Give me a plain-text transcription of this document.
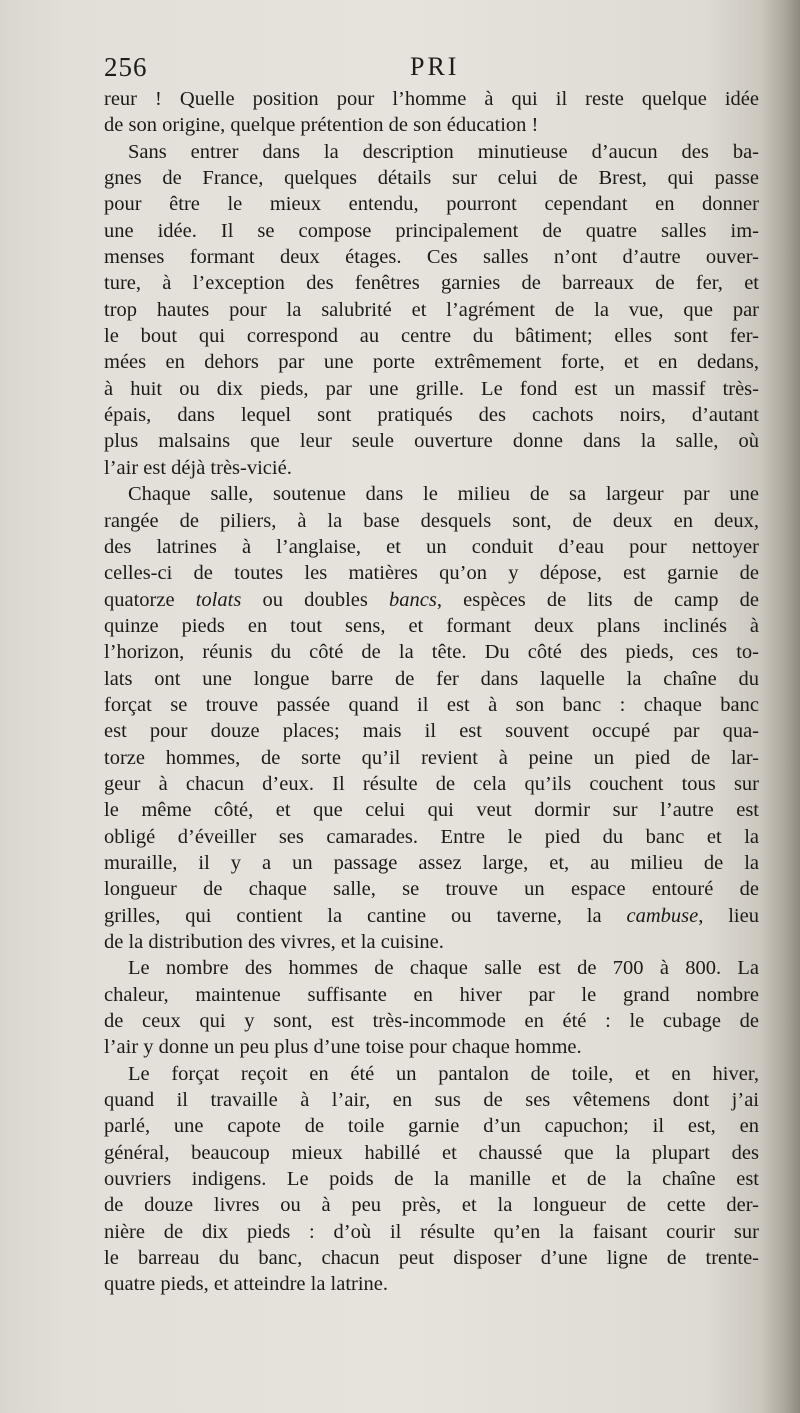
256	PRI
reur ! Quelle position pour l’homme à qui il reste quelque idée
de son origine, quelque prétention de son éducation !
Sans entrer dans la description minutieuse d’aucun des ba-
gnes de France, quelques détails sur celui de Brest, qui passe
pour être le mieux entendu, pourront cependant en donner
une idée. Il se compose principalement de quatre salles im-
menses formant deux étages. Ces salles n’ont d’autre ouver-
ture, à l’exception des fenêtres garnies de barreaux de fer, et
trop hautes pour la salubrité et l’agrément de la vue, que par
le bout qui correspond au centre du bâtiment; elles sont fer-
mées en dehors par une porte extrêmement forte, et en dedans,
à huit ou dix pieds, par une grille. Le fond est un massif très-
épais, dans lequel sont pratiqués des cachots noirs, d’autant
plus malsains que leur seule ouverture donne dans la salle, où
l’air est déjà très-vicié.
Chaque salle, soutenue dans le milieu de sa largeur par une
rangée de piliers, à la base desquels sont, de deux en deux,
des latrines à l’anglaise, et un conduit d’eau pour nettoyer
celles-ci de toutes les matières qu’on y dépose, est garnie de
quatorze tolats ou doubles bancs, espèces de lits de camp de
quinze pieds en tout sens, et formant deux plans inclinés à
l’horizon, réunis du côté de la tête. Du côté des pieds, ces to-
lats ont une longue barre de fer dans laquelle la chaîne du
forçat se trouve passée quand il est à son banc : chaque banc
est pour douze places; mais il est souvent occupé par qua-
torze hommes, de sorte qu’il revient à peine un pied de lar-
geur à chacun d’eux. Il résulte de cela qu’ils couchent tous sur
le même côté, et que celui qui veut dormir sur l’autre est
obligé d’éveiller ses camarades. Entre le pied du banc et la
muraille, il y a un passage assez large, et, au milieu de la
longueur de chaque salle, se trouve un espace entouré de
grilles, qui contient la cantine ou taverne, la cambuse, lieu
de la distribution des vivres, et la cuisine.
Le nombre des hommes de chaque salle est de 700 à 800. La
chaleur, maintenue suffisante en hiver par le grand nombre
de ceux qui y sont, est très-incommode en été : le cubage de
l’air y donne un peu plus d’une toise pour chaque homme.
Le forçat reçoit en été un pantalon de toile, et en hiver,
quand il travaille à l’air, en sus de ses vêtemens dont j’ai
parlé, une capote de toile garnie d’un capuchon; il est, en
général, beaucoup mieux habillé et chaussé que la plupart des
ouvriers indigens. Le poids de la manille et de la chaîne est
de douze livres ou à peu près, et la longueur de cette der-
nière de dix pieds : d’où il résulte qu’en la faisant courir sur
le barreau du banc, chacun peut disposer d’une ligne de trente-
quatre pieds, et atteindre la latrine.
